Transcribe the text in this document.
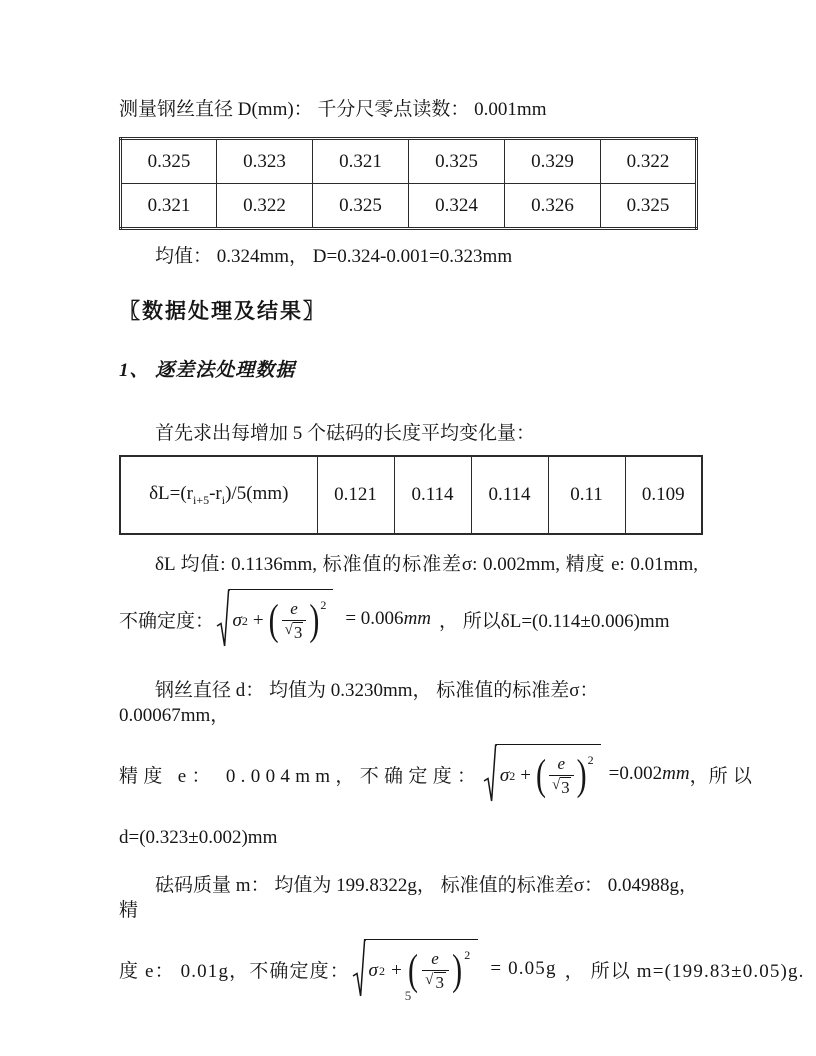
测量钢丝直径 D(mm)： 千分尺零点读数： 0.001mm
0.325	0.323	0.321	0.325	0.329	0.322
0.321	0.322	0.325	0.324	0.326	0.325
均值： 0.324mm， D=0.324-0.001=0.323mm
〖数据处理及结果〗
1、 逐差法处理数据
首先求出每增加 5 个砝码的长度平均变化量：
$\delta L=(r_{i+5}-r_i)/5(mm)$	0.121	0.114	0.114	0.11	0.109
δL 均值: 0.1136mm, 标准值的标准差σ: 0.002mm, 精度 e: 0.01mm,
不确定度： σ 2 + ( $\frac{e}{√ 3}$ ) 2
= 0.006mm ， 所以δL=(0.114±0.006)mm
钢丝直径 d： 均值为 0.3230mm， 标准值的标准差σ： 0.00067mm，
精度 e： 0.004mm， 不确定度： σ 2 + ( $\frac{e}{√ 3}$ ) 2
=0.002mm ， 所以
d=(0.323±0.002)mm
砝码质量 m： 均值为 199.8322g， 标准值的标准差σ： 0.04988g， 精
度 e： 0.01g， 不确定度： σ 2 + ( $\frac{e}{√ 3}$ ) 2
= 0.05g ， 所以 m=(199.83±0.05)g.
5
